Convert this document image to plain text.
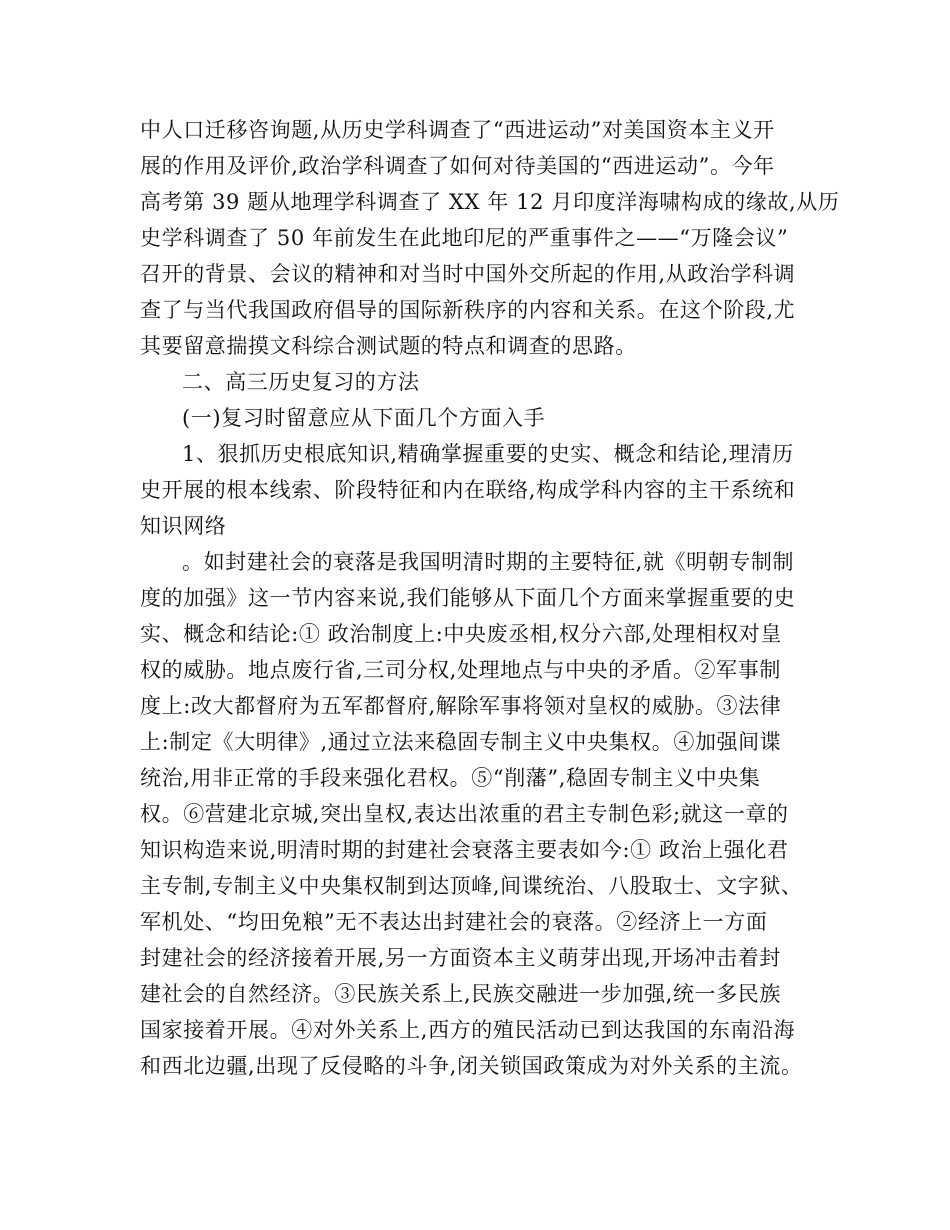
中人口迁移咨询题,从历史学科调查了“西进运动”对美国资本主义开
展的作用及评价,政治学科调查了如何对待美国的“西进运动”。今年
高考第 39 题从地理学科调查了 XX 年 12 月印度洋海啸构成的缘故,从历
史学科调查了 50 年前发生在此地印尼的严重事件之——“万隆会议”
召开的背景、会议的精神和对当时中国外交所起的作用,从政治学科调
查了与当代我国政府倡导的国际新秩序的内容和关系。在这个阶段,尤
其要留意揣摸文科综合测试题的特点和调查的思路。
二、高三历史复习的方法
(一)复习时留意应从下面几个方面入手
1、狠抓历史根底知识,精确掌握重要的史实、概念和结论,理清历
史开展的根本线索、阶段特征和内在联络,构成学科内容的主干系统和
知识网络
。如封建社会的衰落是我国明清时期的主要特征,就《明朝专制制
度的加强》这一节内容来说,我们能够从下面几个方面来掌握重要的史
实、概念和结论:① 政治制度上:中央废丞相,权分六部,处理相权对皇
权的威胁。地点废行省,三司分权,处理地点与中央的矛盾。②军事制
度上:改大都督府为五军都督府,解除军事将领对皇权的威胁。③法律
上:制定《大明律》,通过立法来稳固专制主义中央集权。④加强间谍
统治,用非正常的手段来强化君权。⑤“削藩”,稳固专制主义中央集
权。⑥营建北京城,突出皇权,表达出浓重的君主专制色彩;就这一章的
知识构造来说,明清时期的封建社会衰落主要表如今:① 政治上强化君
主专制,专制主义中央集权制到达顶峰,间谍统治、八股取士、文字狱、
军机处、“均田免粮”无不表达出封建社会的衰落。②经济上一方面
封建社会的经济接着开展,另一方面资本主义萌芽出现,开场冲击着封
建社会的自然经济。③民族关系上,民族交融进一步加强,统一多民族
国家接着开展。④对外关系上,西方的殖民活动已到达我国的东南沿海
和西北边疆,出现了反侵略的斗争,闭关锁国政策成为对外关系的主流。
